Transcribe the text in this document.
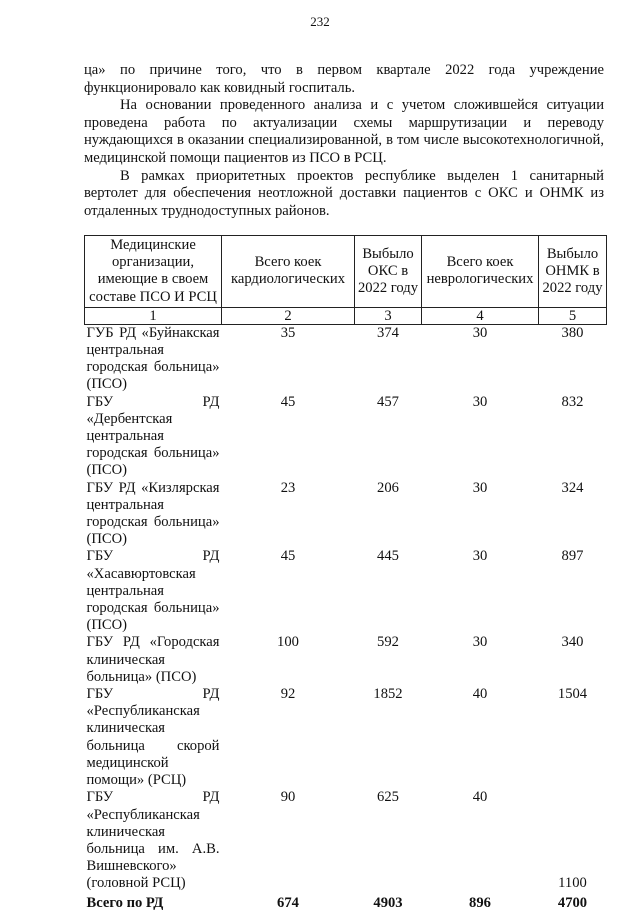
232

ца» по причине того, что в первом квартале 2022 года учреждение функционировало как ковидный госпиталь.

На основании проведенного анализа и с учетом сложившейся ситуации проведена работа по актуализации схемы маршрутизации и переводу нуждающихся в оказании специализированной, в том числе высокотехнологичной, медицинской помощи пациентов из ПСО в РСЦ.

В рамках приоритетных проектов республике выделен 1 санитарный вертолет для обеспечения неотложной доставки пациентов с ОКС и ОНМК из отдаленных труднодоступных районов.

Медицинские организации, имеющие в своем составе ПСО И РСЦ	Всего коек кардиологических	Выбыло ОКС в 2022 году	Всего коек неврологических	Выбыло ОНМК в 2022 году
1	2	3	4	5
ГУБ РД «Буйнакская центральная городская больница» (ПСО)	35	374	30	380
ГБУ РД «Дербентская центральная городская больница» (ПСО)	45	457	30	832
ГБУ РД «Кизлярская центральная городская больница» (ПСО)	23	206	30	324
ГБУ РД «Хасавюртовская центральная городская больница» (ПСО)	45	445	30	897
ГБУ РД «Городская клиническая больница» (ПСО)	100	592	30	340
ГБУ РД «Республиканская клиническая больница скорой медицинской помощи» (РСЦ)	92	1852	40	1504
ГБУ РД «Республиканская клиническая больница им. А.В. Вишневского» (головной РСЦ)	90	625	40	1100
Всего по РД	674	4903	896	4700
